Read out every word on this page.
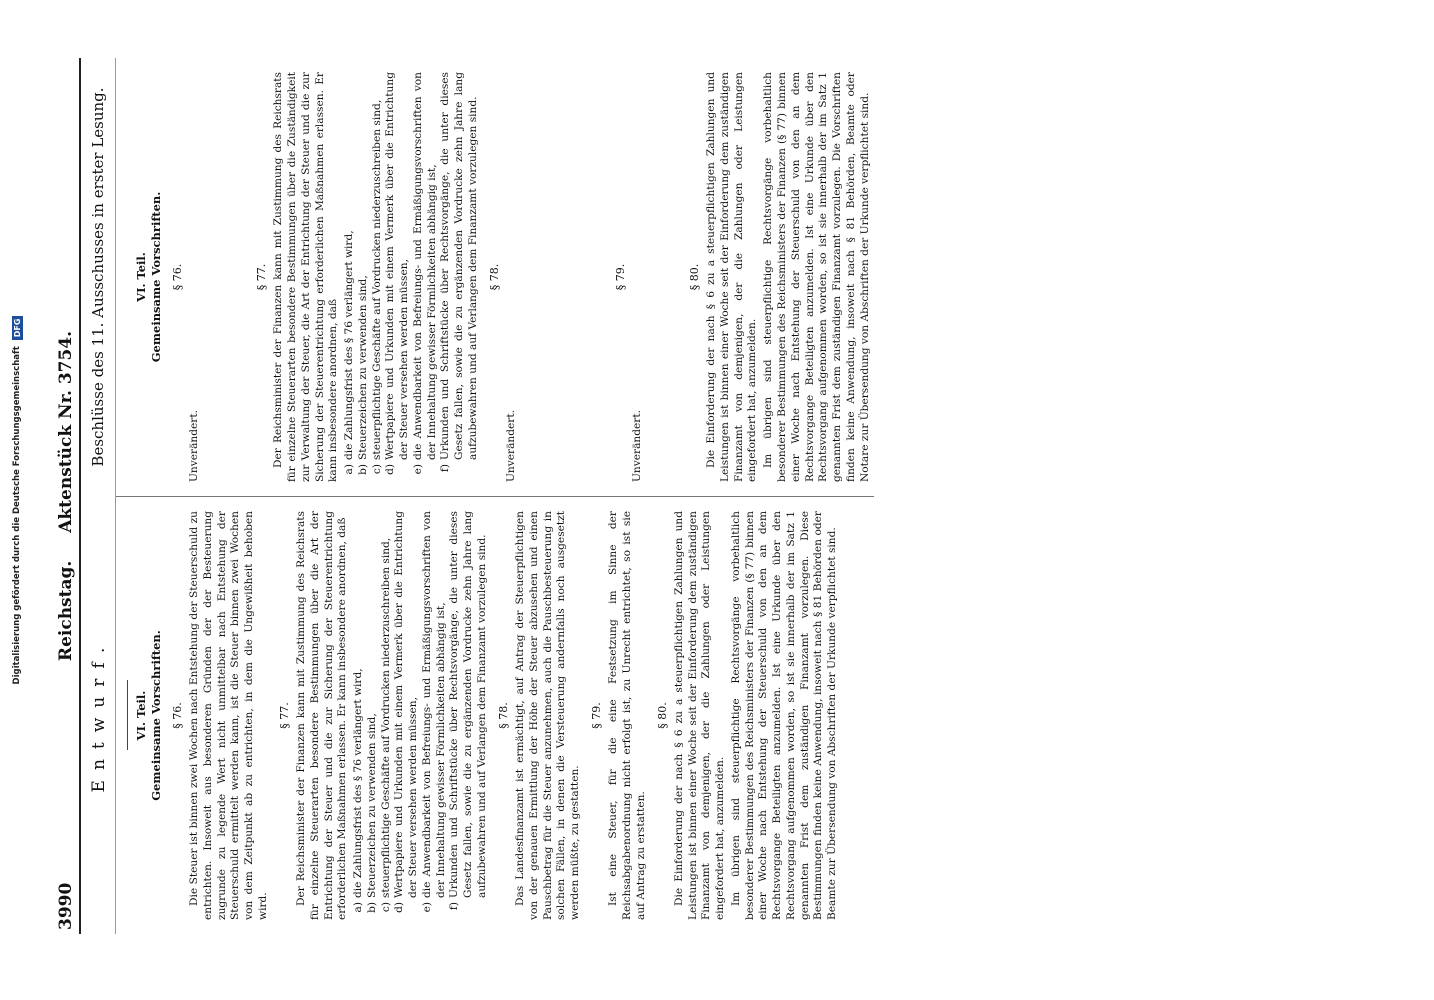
Digitalisierung gefördert durch die Deutsche Forschungsgemeinschaft
DFG
3990
Reichstag. Aktenstück Nr. 3754.
Entwurf.
Beschlüsse des 11. Ausschusses in erster Lesung.
VI. Teil. Gemeinsame Vorschriften. § 76. Die Steuer ist binnen zwei Wochen nach Entstehung der Steuerschuld zu entrichten. Insoweit aus besonderen Gründen der der Besteuerung zugrunde zu legende Wert nicht unmittelbar nach Entstehung der Steuerschuld ermittelt werden kann, ist die Steuer binnen zwei Wochen von dem Zeitpunkt ab zu entrichten, in dem die Ungewißheit behoben wird.

§ 77. Der Reichsminister der Finanzen kann mit Zustimmung des Reichsrats für einzelne Steuerarten besondere Bestimmungen über die Art der Entrichtung der Steuer und die zur Sicherung der Steuerentrichtung erforderlichen Maßnahmen erlassen. Er kann insbesondere anordnen, daß a)
die Zahlungsfrist des § 76 verlängert wird,
b)
Steuerzeichen zu verwenden sind,
c)
steuerpflichtige Geschäfte auf Vordrucken niederzuschreiben sind,
d)
Wertpapiere und Urkunden mit einem Vermerk über die Entrichtung der Steuer versehen werden müssen,
e)
die Anwendbarkeit von Befreiungs- und Ermäßigungsvorschriften von der Innehaltung gewisser Förmlichkeiten abhängig ist,
f)
Urkunden und Schriftstücke über Rechtsvorgänge, die unter dieses Gesetz fallen, sowie die zu ergänzenden Vordrucke zehn Jahre lang aufzubewahren und auf Verlangen dem Finanzamt vorzulegen sind. § 78. Das Landesfinanzamt ist ermächtigt, auf Antrag der Steuerpflichtigen von der genauen Ermittlung der Höhe der Steuer abzusehen und einen Pauschbetrag für die Steuer anzunehmen, auch die Pauschbesteuerung in solchen Fällen, in denen die Versteuerung andernfalls noch ausgesetzt werden müßte, zu gestatten.

§ 79. Ist eine Steuer, für die eine Festsetzung im Sinne der Reichsabgabenordnung nicht erfolgt ist, zu Unrecht entrichtet, so ist sie auf Antrag zu erstatten.

§ 80. Die Einforderung der nach § 6 zu a steuerpflichtigen Zahlungen und Leistungen ist binnen einer Woche seit der Einforderung dem zuständigen Finanzamt von demjenigen, der die Zahlungen oder Leistungen eingefordert hat, anzumelden. Im übrigen sind steuerpflichtige Rechtsvorgänge vorbehaltlich besonderer Bestimmungen des Reichsministers der Finanzen (§ 77) binnen einer Woche nach Entstehung der Steuerschuld von den an dem Rechtsvorgange Beteiligten anzumelden. Ist eine Urkunde über den Rechtsvorgang aufgenommen worden, so ist sie innerhalb der im Satz 1 genannten Frist dem zuständigen Finanzamt vorzulegen. Diese Bestimmungen finden keine Anwendung, insoweit nach § 81 Behörden oder Beamte zur Übersendung von Abschriften der Urkunde verpflichtet sind.

VI. Teil. Gemeinsame Vorschriften. § 76.

Unverändert.

§ 77. Der Reichsminister der Finanzen kann mit Zustimmung des Reichsrats für einzelne Steuerarten besondere Bestimmungen über die Zuständigkeit zur Verwaltung der Steuer, die Art der Entrichtung der Steuer und die zur Sicherung der Steuerentrichtung erforderlichen Maßnahmen erlassen. Er kann insbesondere anordnen, daß a)
die Zahlungsfrist des § 76 verlängert wird,
b)
Steuerzeichen zu verwenden sind,
c)
steuerpflichtige Geschäfte auf Vordrucken niederzuschreiben sind,
d)
Wertpapiere und Urkunden mit einem Vermerk über die Entrichtung der Steuer versehen werden müssen,
e)
die Anwendbarkeit von Befreiungs- und Ermäßigungsvorschriften von der Innehaltung gewisser Förmlichkeiten abhängig ist,
f)
Urkunden und Schriftstücke über Rechtsvorgänge, die unter dieses Gesetz fallen, sowie die zu ergänzenden Vordrucke zehn Jahre lang aufzubewahren und auf Verlangen dem Finanzamt vorzulegen sind. § 78.

Unverändert.

§ 79.

Unverändert.

§ 80. Die Einforderung der nach § 6 zu a steuerpflichtigen Zahlungen und Leistungen ist binnen einer Woche seit der Einforderung dem zuständigen Finanzamt von demjenigen, der die Zahlungen oder Leistungen eingefordert hat, anzumelden. Im übrigen sind steuerpflichtige Rechtsvorgänge vorbehaltlich besonderer Bestimmungen des Reichsministers der Finanzen (§ 77) binnen einer Woche nach Entstehung der Steuerschuld von den an dem Rechtsvorgange Beteiligten anzumelden. Ist eine Urkunde über den Rechtsvorgang aufgenommen worden, so ist sie innerhalb der im Satz 1 genannten Frist dem zuständigen Finanzamt vorzulegen. Die Vorschriften finden keine Anwendung, insoweit nach § 81 Behörden, Beamte oder Notare zur Übersendung von Abschriften der Urkunde verpflichtet sind.
